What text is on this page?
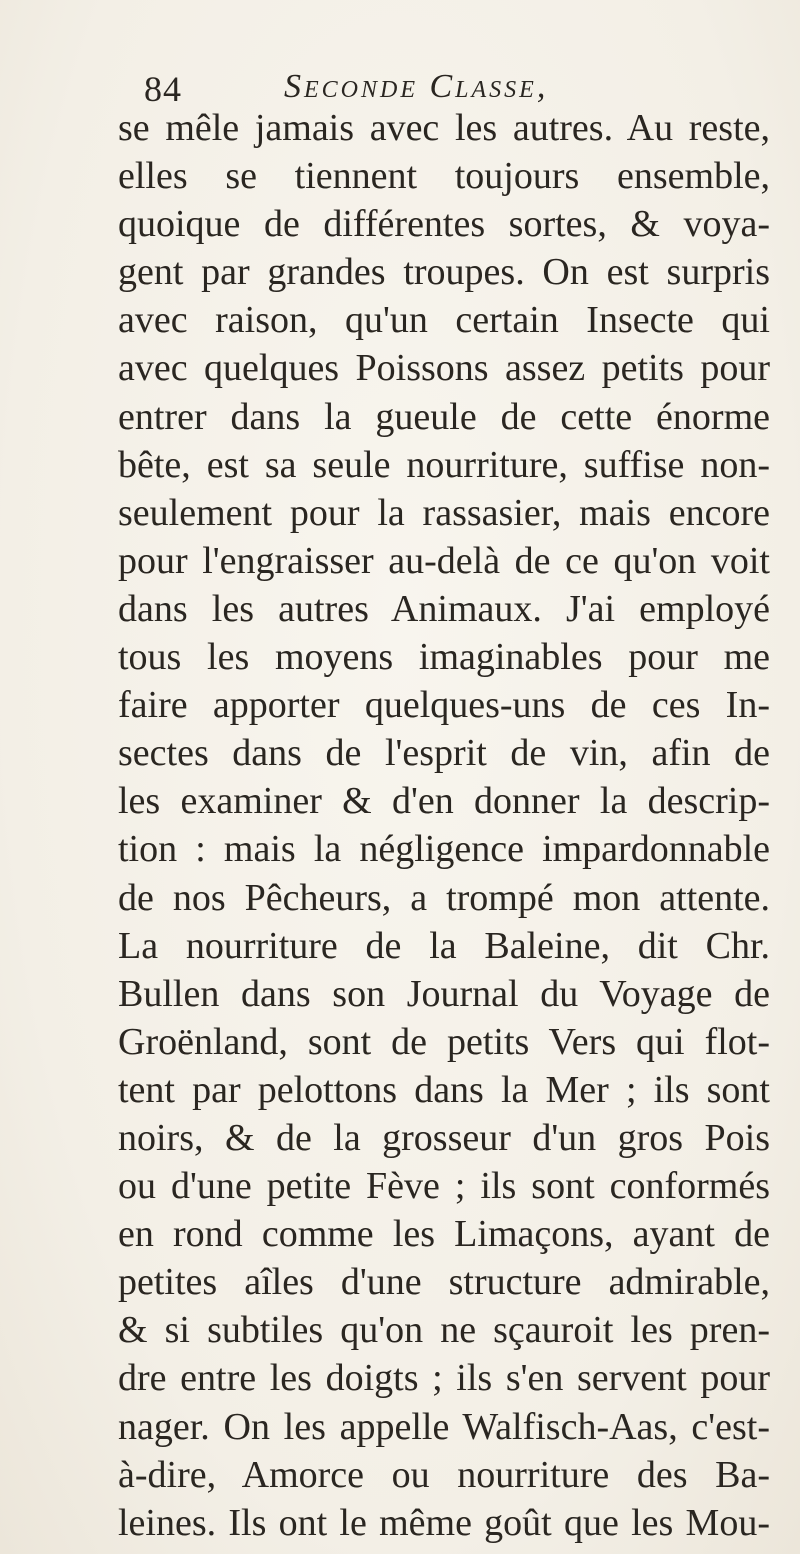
84	Seconde Classe,
se mêle jamais avec les autres. Au reste,
elles se tiennent toujours ensemble,
quoique de différentes sortes, & voya-
gent par grandes troupes. On est surpris
avec raison, qu'un certain Insecte qui
avec quelques Poissons assez petits pour
entrer dans la gueule de cette énorme
bête, est sa seule nourriture, suffise non-
seulement pour la rassasier, mais encore
pour l'engraisser au-delà de ce qu'on voit
dans les autres Animaux. J'ai employé
tous les moyens imaginables pour me
faire apporter quelques-uns de ces In-
sectes dans de l'esprit de vin, afin de
les examiner & d'en donner la descrip-
tion : mais la négligence impardonnable
de nos Pêcheurs, a trompé mon attente.
La nourriture de la Baleine, dit Chr.
Bullen dans son Journal du Voyage de
Groënland, sont de petits Vers qui flot-
tent par pelottons dans la Mer ; ils sont
noirs, & de la grosseur d'un gros Pois
ou d'une petite Fève ; ils sont conformés
en rond comme les Limaçons, ayant de
petites aîles d'une structure admirable,
& si subtiles qu'on ne sçauroit les pren-
dre entre les doigts ; ils s'en servent pour
nager. On les appelle Walfisch-Aas, c'est-
à-dire, Amorce ou nourriture des Ba-
leines. Ils ont le même goût que les Mou-
